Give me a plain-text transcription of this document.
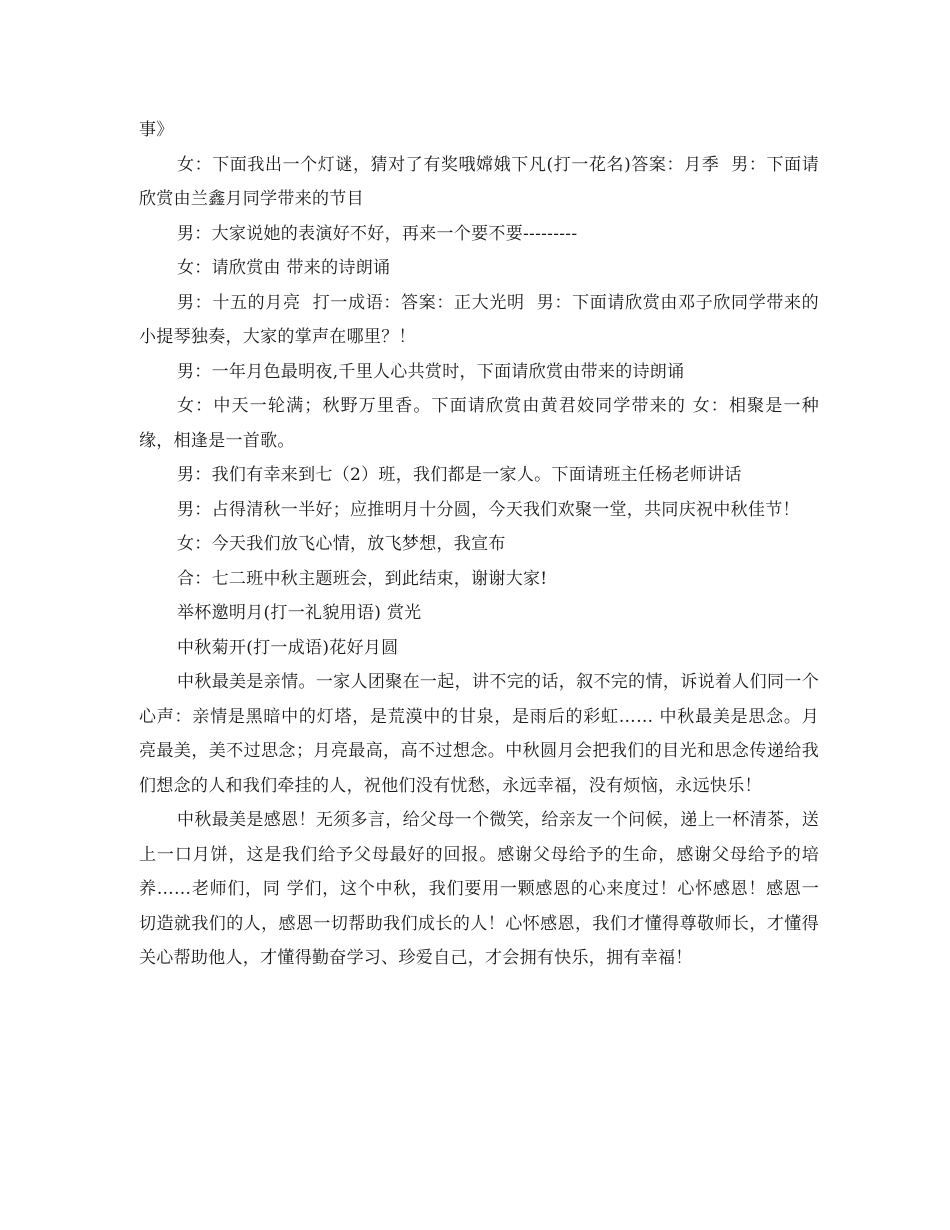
事》

女：下面我出一个灯谜，猜对了有奖哦嫦娥下凡(打一花名)答案：月季  男：下面请欣赏由兰鑫月同学带来的节目

男：大家说她的表演好不好，再来一个要不要---------

女：请欣赏由 带来的诗朗诵

男：十五的月亮  打一成语：答案：正大光明  男：下面请欣赏由邓子欣同学带来的小提琴独奏，大家的掌声在哪里？！

男：一年月色最明夜,千里人心共赏时，下面请欣赏由带来的诗朗诵

女：中天一轮满；秋野万里香。下面请欣赏由黄君姣同学带来的 女：相聚是一种缘，相逢是一首歌。

男：我们有幸来到七（2）班，我们都是一家人。下面请班主任杨老师讲话

男：占得清秋一半好；应推明月十分圆，今天我们欢聚一堂，共同庆祝中秋佳节！

女：今天我们放飞心情，放飞梦想，我宣布

合：七二班中秋主题班会，到此结束，谢谢大家!

举杯邀明月(打一礼貌用语) 赏光

中秋菊开(打一成语)花好月圆

中秋最美是亲情。一家人团聚在一起，讲不完的话，叙不完的情，诉说着人们同一个心声：亲情是黑暗中的灯塔，是荒漠中的甘泉，是雨后的彩虹…… 中秋最美是思念。月亮最美，美不过思念；月亮最高，高不过想念。中秋圆月会把我们的目光和思念传递给我们想念的人和我们牵挂的人，祝他们没有忧愁，永远幸福，没有烦恼，永远快乐！

中秋最美是感恩！无须多言，给父母一个微笑，给亲友一个问候，递上一杯清茶，送上一口月饼，这是我们给予父母最好的回报。感谢父母给予的生命，感谢父母给予的培养……老师们，同 学们，这个中秋，我们要用一颗感恩的心来度过！心怀感恩！感恩一切造就我们的人，感恩一切帮助我们成长的人！心怀感恩，我们才懂得尊敬师长，才懂得关心帮助他人，才懂得勤奋学习、珍爱自己，才会拥有快乐，拥有幸福！
